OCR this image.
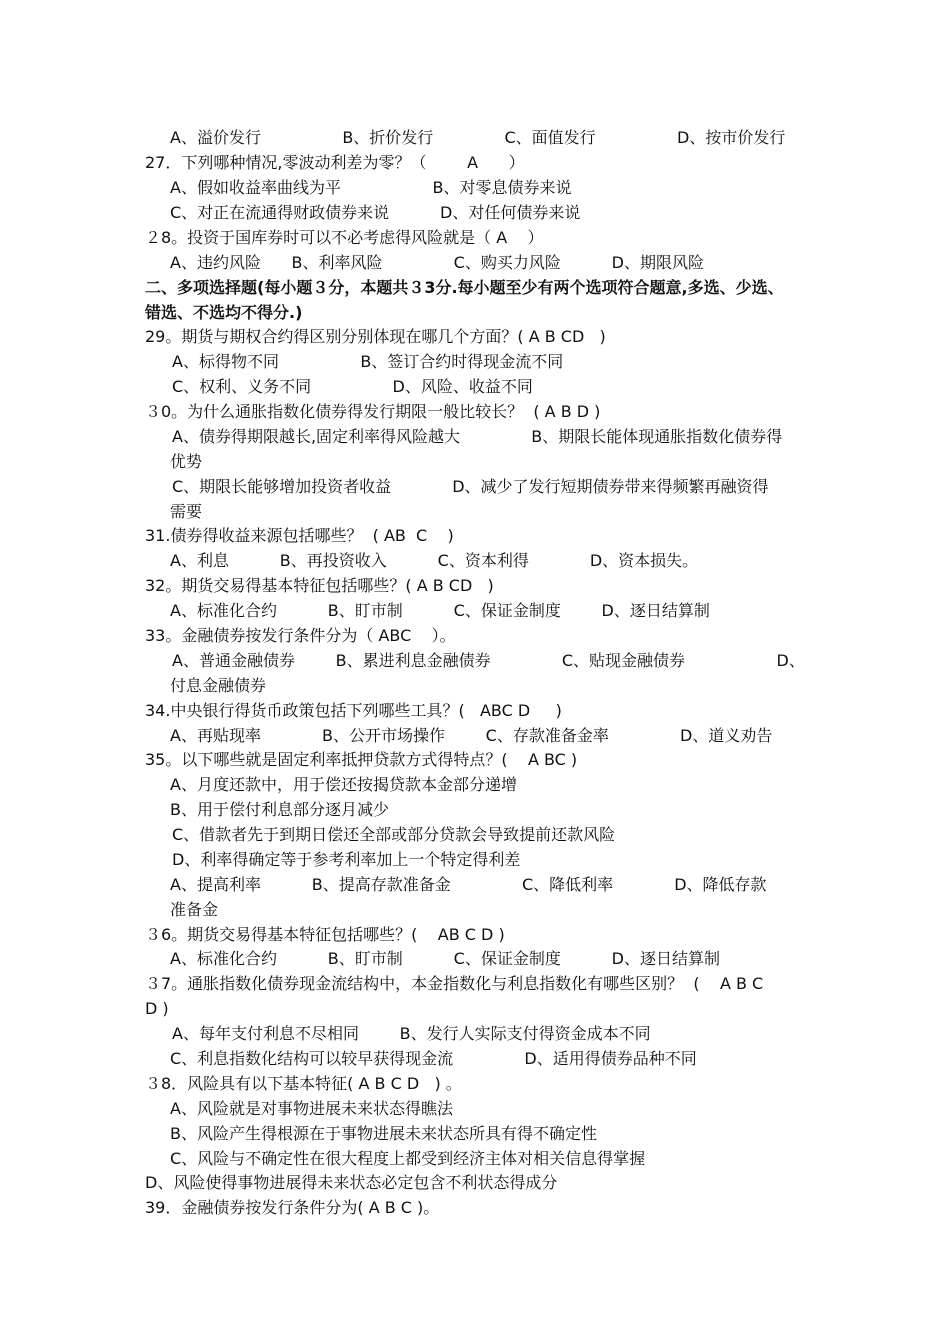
A、溢价发行                B、折价发行              C、面值发行                D、按市价发行

27．下列哪种情况,零波动利差为零？（        A      ）

A、假如收益率曲线为平                  B、对零息债券来说

C、对正在流通得财政债券来说          D、对任何债券来说

２8。投资于国库券时可以不必考虑得风险就是（ A    ）

A、违约风险      B、利率风险              C、购买力风险          D、期限风险

二、多项选择题(每小题３分，本题共３3分.每小题至少有两个选项符合题意,多选、少选、

错选、不选均不得分.)

29。期货与期权合约得区别分别体现在哪几个方面？( A B CD   )

A、标得物不同                B、签订合约时得现金流不同

C、权利、义务不同                D、风险、收益不同

３0。为什么通胀指数化债券得发行期限一般比较长？  ( A B D )

A、债券得期限越长,固定利率得风险越大              B、期限长能体现通胀指数化债券得

优势

C、期限长能够增加投资者收益            D、减少了发行短期债券带来得频繁再融资得

需要

31.债券得收益来源包括哪些？  ( AB  C    )

A、利息          B、再投资收入          C、资本利得            D、资本损失。

32。期货交易得基本特征包括哪些？( A B CD   )

A、标准化合约          B、盯市制          C、保证金制度        D、逐日结算制

33。金融债券按发行条件分为（ ABC    ）。

A、普通金融债券        B、累进利息金融债券              C、贴现金融债券                  D、

付息金融债券

34.中央银行得货币政策包括下列哪些工具？(   ABC D     )

A、再贴现率            B、公开市场操作        C、存款准备金率              D、道义劝告

35。以下哪些就是固定利率抵押贷款方式得特点？(    A BC )

A、月度还款中，用于偿还按揭贷款本金部分递增

B、用于偿付利息部分逐月减少

C、借款者先于到期日偿还全部或部分贷款会导致提前还款风险

D、利率得确定等于参考利率加上一个特定得利差

A、提高利率          B、提高存款准备金              C、降低利率            D、降低存款

准备金

３6。期货交易得基本特征包括哪些？(    AB C D )

A、标准化合约          B、盯市制          C、保证金制度          D、逐日结算制

３7。通胀指数化债券现金流结构中，本金指数化与利息指数化有哪些区别？  (    A B C

D )

A、每年支付利息不尽相同        B、发行人实际支付得资金成本不同

C、利息指数化结构可以较早获得现金流              D、适用得债券品种不同

３8．风险具有以下基本特征( A B C D   ) 。

A、风险就是对事物进展未来状态得瞧法

B、风险产生得根源在于事物进展未来状态所具有得不确定性

C、风险与不确定性在很大程度上都受到经济主体对相关信息得掌握

D、风险使得事物进展得未来状态必定包含不利状态得成分

39．金融债券按发行条件分为( A B C )。
